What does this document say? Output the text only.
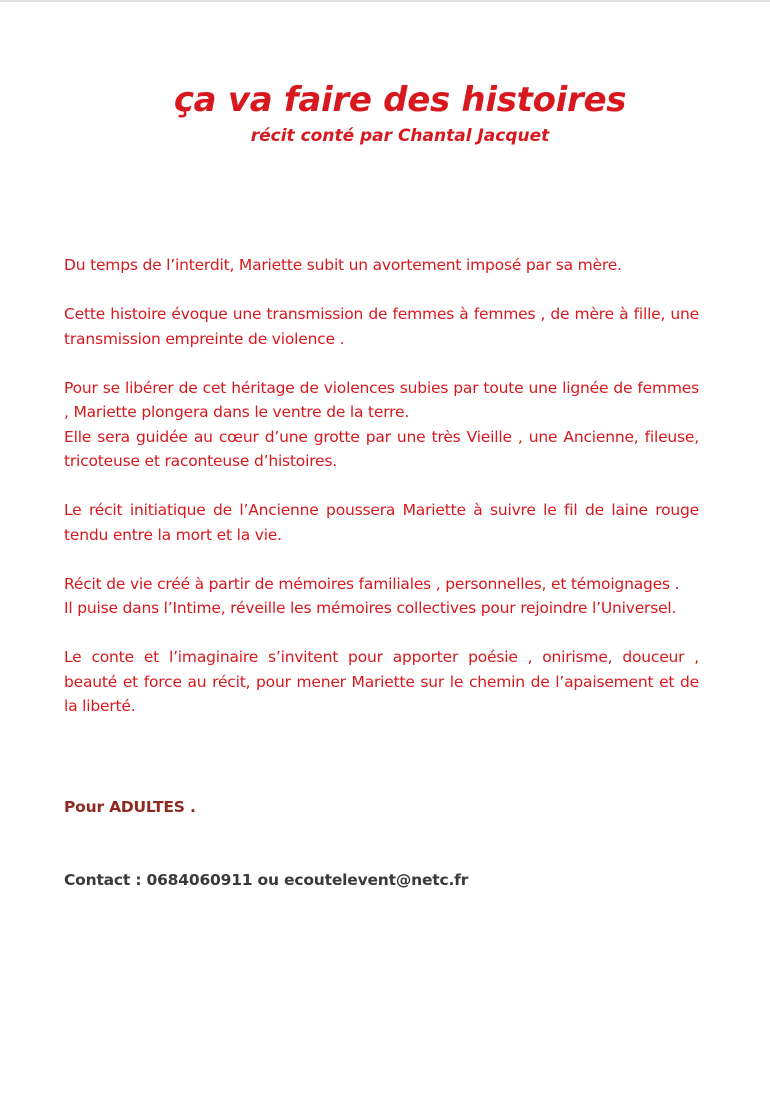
ça va faire des histoires
récit conté par Chantal Jacquet

Du temps de l’interdit, Mariette subit un avortement imposé par sa mère.

Cette histoire évoque une transmission de femmes à femmes , de mère à fille, une transmission empreinte de violence .

Pour se libérer de cet héritage de violences subies par toute une lignée de femmes , Mariette plongera dans le ventre de la terre.
Elle sera guidée au cœur d’une grotte par une très Vieille , une Ancienne, fileuse, tricoteuse et raconteuse d’histoires.

Le récit initiatique de l’Ancienne poussera Mariette à suivre le fil de laine rouge tendu entre la mort et la vie.

Récit de vie créé à partir de mémoires familiales , personnelles, et témoignages .
Il puise dans l’Intime, réveille les mémoires collectives pour rejoindre l’Universel.

Le conte et l’imaginaire s’invitent pour apporter poésie , onirisme, douceur , beauté et force au récit, pour mener Mariette sur le chemin de l’apaisement et de la liberté.

Pour ADULTES .
Contact : 0684060911 ou ecoutelevent@netc.fr
